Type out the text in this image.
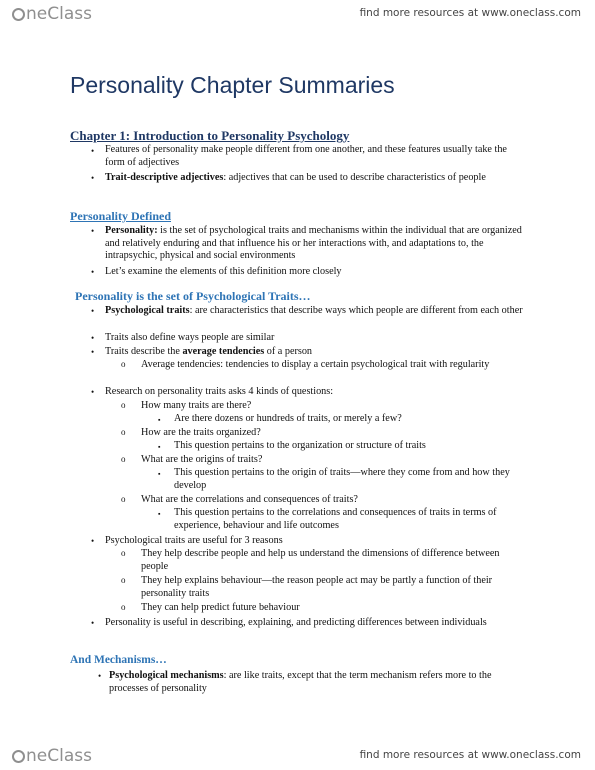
neClass	find more resources at www.oneclass.com
Personality Chapter Summaries
Chapter 1: Introduction to Personality Psychology
• Features of personality make people different from one another, and these features usually take the form of adjectives
• Trait-descriptive adjectives: adjectives that can be used to describe characteristics of people
Personality Defined
• Personality: is the set of psychological traits and mechanisms within the individual that are organized and relatively enduring and that influence his or her interactions with, and adaptations to, the intrapsychic, physical and social environments
• Let’s examine the elements of this definition more closely
Personality is the set of Psychological Traits…
• Psychological traits: are characteristics that describe ways which people are different from each other
• Traits also define ways people are similar
• Traits describe the average tendencies of a person
o Average tendencies: tendencies to display a certain psychological trait with regularity
• Research on personality traits asks 4 kinds of questions:
o How many traits are there?
▪ Are there dozens or hundreds of traits, or merely a few?
o How are the traits organized?
▪ This question pertains to the organization or structure of traits
o What are the origins of traits?
▪ This question pertains to the origin of traits—where they come from and how they develop
o What are the correlations and consequences of traits?
▪ This question pertains to the correlations and consequences of traits in terms of experience, behaviour and life outcomes
• Psychological traits are useful for 3 reasons
o They help describe people and help us understand the dimensions of difference between people
o They help explains behaviour—the reason people act may be partly a function of their personality traits
o They can help predict future behaviour
• Personality is useful in describing, explaining, and predicting differences between individuals
And Mechanisms…
• Psychological mechanisms: are like traits, except that the term mechanism refers more to the processes of personality
neClass	find more resources at www.oneclass.com
